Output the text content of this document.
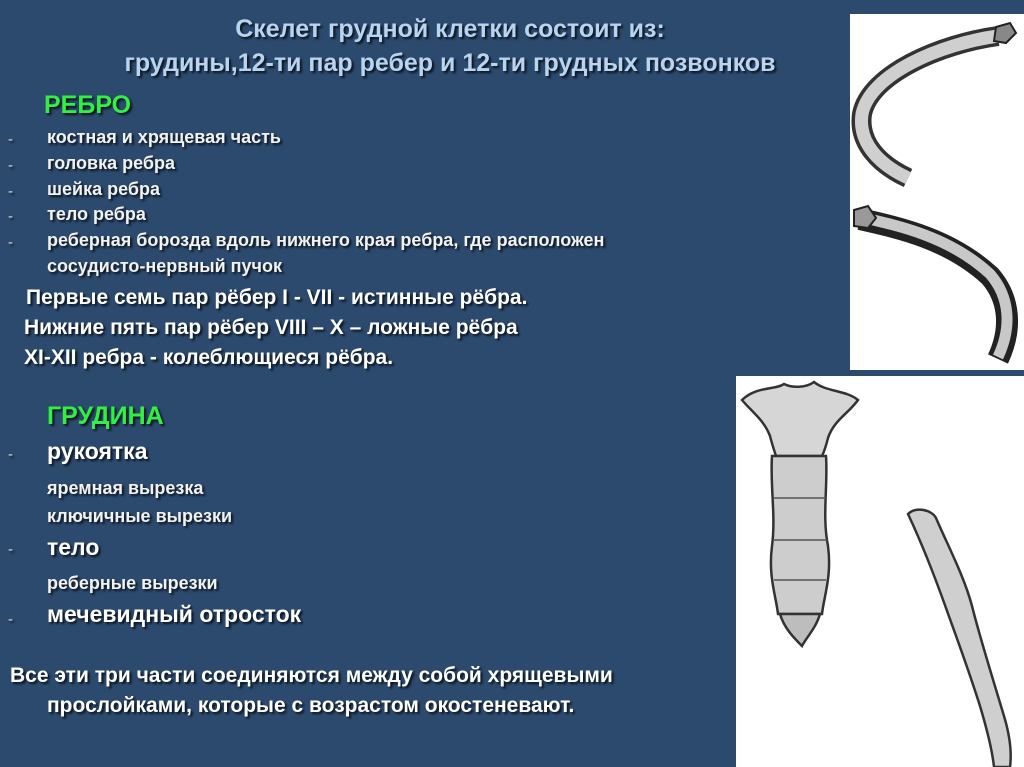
Скелет грудной клетки состоит из:
грудины,12-ти пар ребер и 12-ти грудных позвонков
РЕБРО
- костная и хрящевая часть
- головка ребра
- шейка ребра
- тело ребра
- реберная борозда вдоль нижнего края ребра, где расположен
сосудисто-нервный пучок
Первые семь пар рёбер I - VII - истинные рёбра.
Нижние пять пар рёбер VIII – X – ложные рёбра
XI-XII ребра - колеблющиеся рёбра.
ГРУДИНА
- рукоятка
яремная вырезка
ключичные вырезки
- тело
реберные вырезки
- мечевидный отросток
Все эти три части соединяются между собой хрящевыми
прослойками, которые с возрастом окостеневают.
